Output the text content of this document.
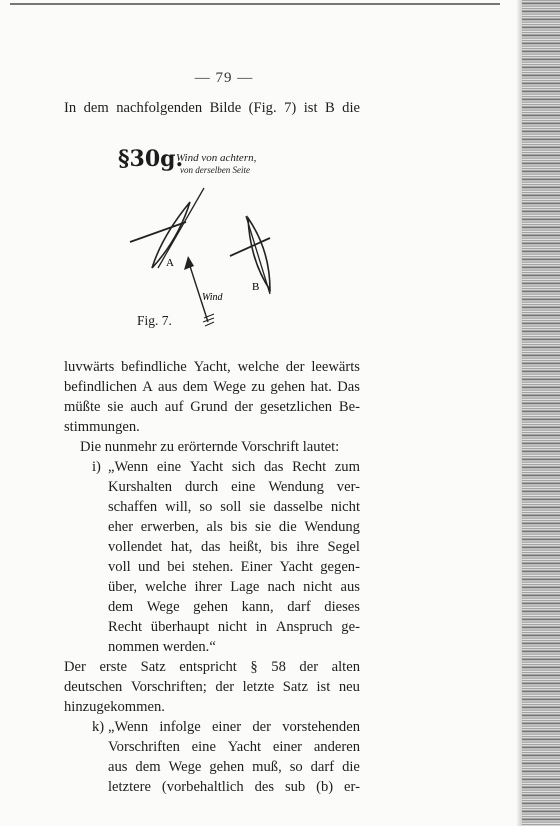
— 79 —
In dem nachfolgenden Bilde (Fig. 7) ist B die
§30g.
Wind von achtern,
von derselben Seite
A
B
Wind
Fig. 7.
luvwärts befindliche Yacht, welche der leewärts
befindlichen A aus dem Wege zu gehen hat. Das
müßte sie auch auf Grund der gesetzlichen Be-
stimmungen.
Die nunmehr zu erörternde Vorschrift lautet:
i) „Wenn eine Yacht sich das Recht zum
Kurshalten durch eine Wendung ver-
schaffen will, so soll sie dasselbe nicht
eher erwerben, als bis sie die Wendung
vollendet hat, das heißt, bis ihre Segel
voll und bei stehen. Einer Yacht gegen-
über, welche ihrer Lage nach nicht aus
dem Wege gehen kann, darf dieses
Recht überhaupt nicht in Anspruch ge-
nommen werden.“
Der erste Satz entspricht § 58 der alten
deutschen Vorschriften; der letzte Satz ist neu
hinzugekommen.
k) „Wenn infolge einer der vorstehenden
Vorschriften eine Yacht einer anderen
aus dem Wege gehen muß, so darf die
letztere (vorbehaltlich des sub (b) er-
